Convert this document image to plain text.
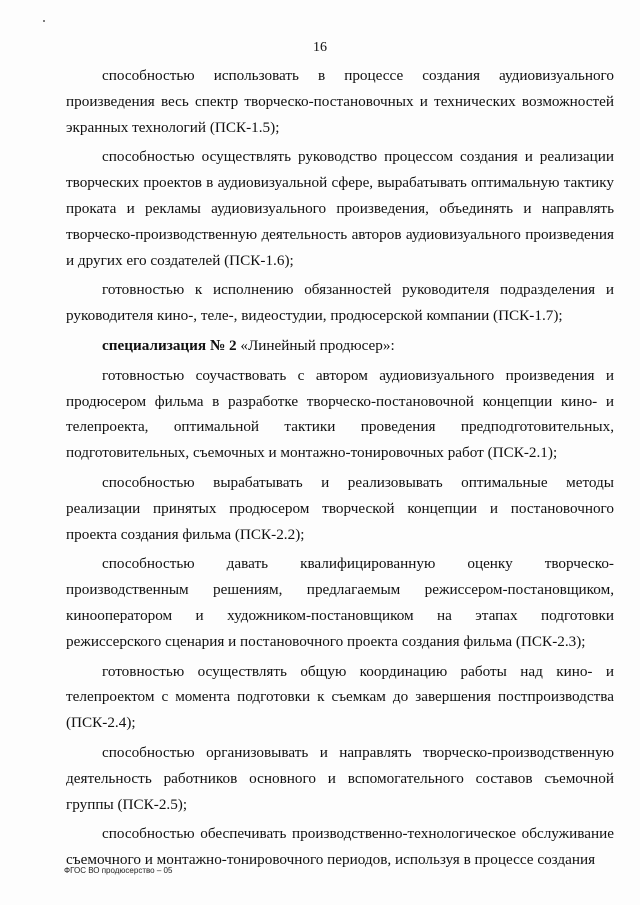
16

способностью использовать в процессе создания аудиовизуального произведения весь спектр творческо-постановочных и технических возможностей экранных технологий (ПСК-1.5);

способностью осуществлять руководство процессом создания и реализации творческих проектов в аудиовизуальной сфере, вырабатывать оптимальную тактику проката и рекламы аудиовизуального произведения, объединять и направлять творческо-производственную деятельность авторов аудиовизуального произведения и других его создателей (ПСК-1.6);

готовностью к исполнению обязанностей руководителя подразделения и руководителя кино-, теле-, видеостудии, продюсерской компании (ПСК-1.7);

специализация № 2 «Линейный продюсер»:

готовностью соучаствовать с автором аудиовизуального произведения и продюсером фильма в разработке творческо-постановочной концепции кино- и телепроекта, оптимальной тактики проведения предподготовительных, подготовительных, съемочных и монтажно-тонировочных работ (ПСК-2.1);

способностью вырабатывать и реализовывать оптимальные методы реализации принятых продюсером творческой концепции и постановочного проекта создания фильма (ПСК-2.2);

способностью давать квалифицированную оценку творческо-производственным решениям, предлагаемым режиссером-постановщиком, кинооператором и художником-постановщиком на этапах подготовки режиссерского сценария и постановочного проекта создания фильма (ПСК-2.3);

готовностью осуществлять общую координацию работы над кино- и телепроектом с момента подготовки к съемкам до завершения постпроизводства (ПСК-2.4);

способностью организовывать и направлять творческо-производственную деятельность работников основного и вспомогательного составов съемочной группы (ПСК-2.5);

способностью обеспечивать производственно-технологическое обслуживание съемочного и монтажно-тонировочного периодов, используя в процессе создания

ФГОС ВО продюсерство – 05
